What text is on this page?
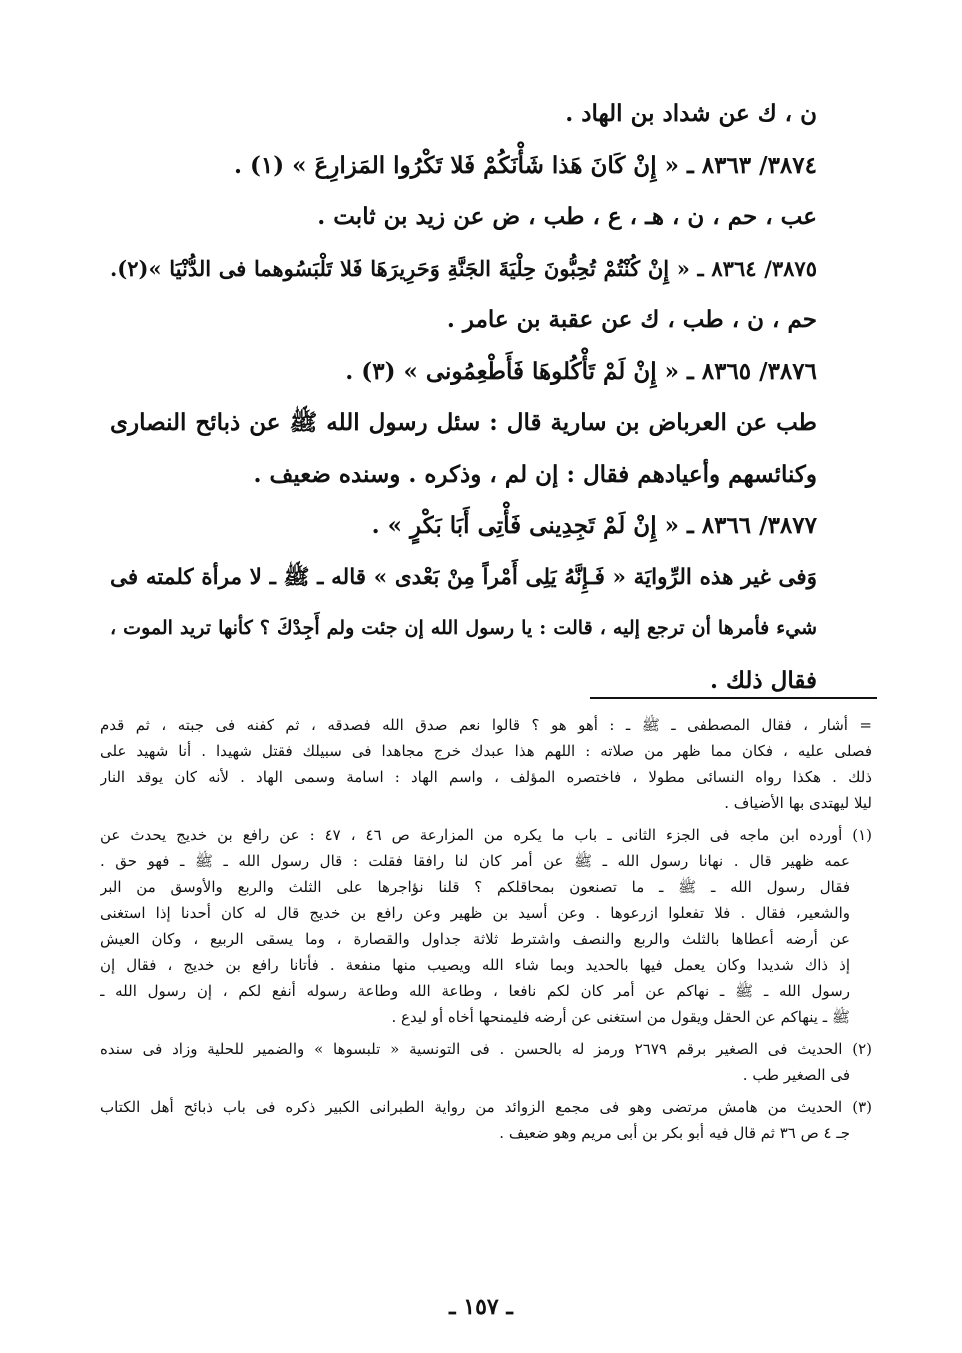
ن ، ك عن شداد بن الهاد .
٣٨٧٤/ ٨٣٦٣ ـ « إِنْ كَانَ هَذا شَأْنَكُمْ فَلا تَكْرُوا المَزارِعَ » (١) .
عب ، حم ، ن ، هـ ، ع ، طب ، ض عن زيد بن ثابت .
٣٨٧٥/ ٨٣٦٤ ـ « إِنْ كُنْتُمْ تُحِبُّونَ حِلْيَةَ الجَنَّةِ وَحَرِيرَهَا فَلا تَلْبَسُوهما فى الدُّنْيَا »(٢).
حم ، ن ، طب ، ك عن عقبة بن عامر .
٣٨٧٦/ ٨٣٦٥ ـ « إِنْ لَمْ تَأْكُلوهَا فَأَطْعِمُونى » (٣) .
طب عن العرباض بن سارية قال : سئل رسول الله ﷺ عن ذبائح النصارى
وكنائسهم وأعيادهم فقال : إن لم ، وذكره . وسنده ضعيف .
٣٨٧٧/ ٨٣٦٦ ـ « إِنْ لَمْ تَجِدِينى فَأْتِى أَبَا بَكْرٍ » .
وَفى غير هذه الرِّوايَة « فَـإِنَّهُ يَلِى أَمْراً مِنْ بَعْدى » قاله ـ ﷺ ـ لا مرأة كلمته فى
شيء فأمرها أن ترجع إليه ، قالت : يا رسول الله إن جئت ولم أَجِدْكَ ؟ كأنها تريد الموت ،
فقال ذلك .
= أشار ، فقال المصطفى ـ ﷺ ـ : أهو هو ؟ قالوا نعم صدق الله فصدقه ، ثم كفنه فى جبته ، ثم قدم
فصلى عليه ، فكان مما ظهر من صلاته : اللهم هذا عبدك خرج مجاهدا فى سبيلك فقتل شهيدا . أنا شهيد على
ذلك . هكذا رواه النسائى مطولا ، فاختصره المؤلف ، واسم الهاد : اسامة وسمى الهاد . لأنه كان يوقد النار
ليلا ليهتدى بها الأضياف .
(١) أورده ابن ماجه فى الجزء الثانى ـ باب ما يكره من المزارعة ص ٤٦ ، ٤٧ : عن رافع بن خديج يحدث عن
عمه ظهير قال . نهانا رسول الله ـ ﷺ عن أمر كان لنا رافقا فقلت : قال رسول الله ـ ﷺ ـ فهو حق .
فقال رسول الله ـ ﷺ ـ ما تصنعون بمحاقلكم ؟ قلنا نؤاجرها على الثلث والربع والأوسق من البر
والشعير، فقال . فلا تفعلوا ازرعوها . وعن أسيد بن ظهير وعن رافع بن خديج قال له كان أحدنا إذا استغنى
عن أرضه أعطاها بالثلث والربع والنصف واشترط ثلاثة جداول والقصارة ، وما يسقى الربيع ، وكان العيش
إذ ذاك شديدا وكان يعمل فيها بالحديد وبما شاء الله ويصيب منها منفعة . فأتانا رافع بن خديج ، فقال إن
رسول الله ـ ﷺ ـ نهاكم عن أمر كان لكم نافعا ، وطاعة الله وطاعة رسوله أنفع لكم ، إن رسول الله ـ
ﷺ ـ ينهاكم عن الحقل ويقول من استغنى عن أرضه فليمنحها أخاه أو ليدع .
(٢) الحديث فى الصغير برقم ٢٦٧٩ ورمز له بالحسن . فى التونسية « تلبسوها » والضمير للحلية وزاد فى سنده
فى الصغير طب .
(٣) الحديث من هامش مرتضى وهو فى مجمع الزوائد من رواية الطبرانى الكبير ذكره فى باب ذبائح أهل الكتاب
جـ ٤ ص ٣٦ ثم قال فيه أبو بكر بن أبى مريم وهو ضعيف .
ـ ١٥٧ ـ
